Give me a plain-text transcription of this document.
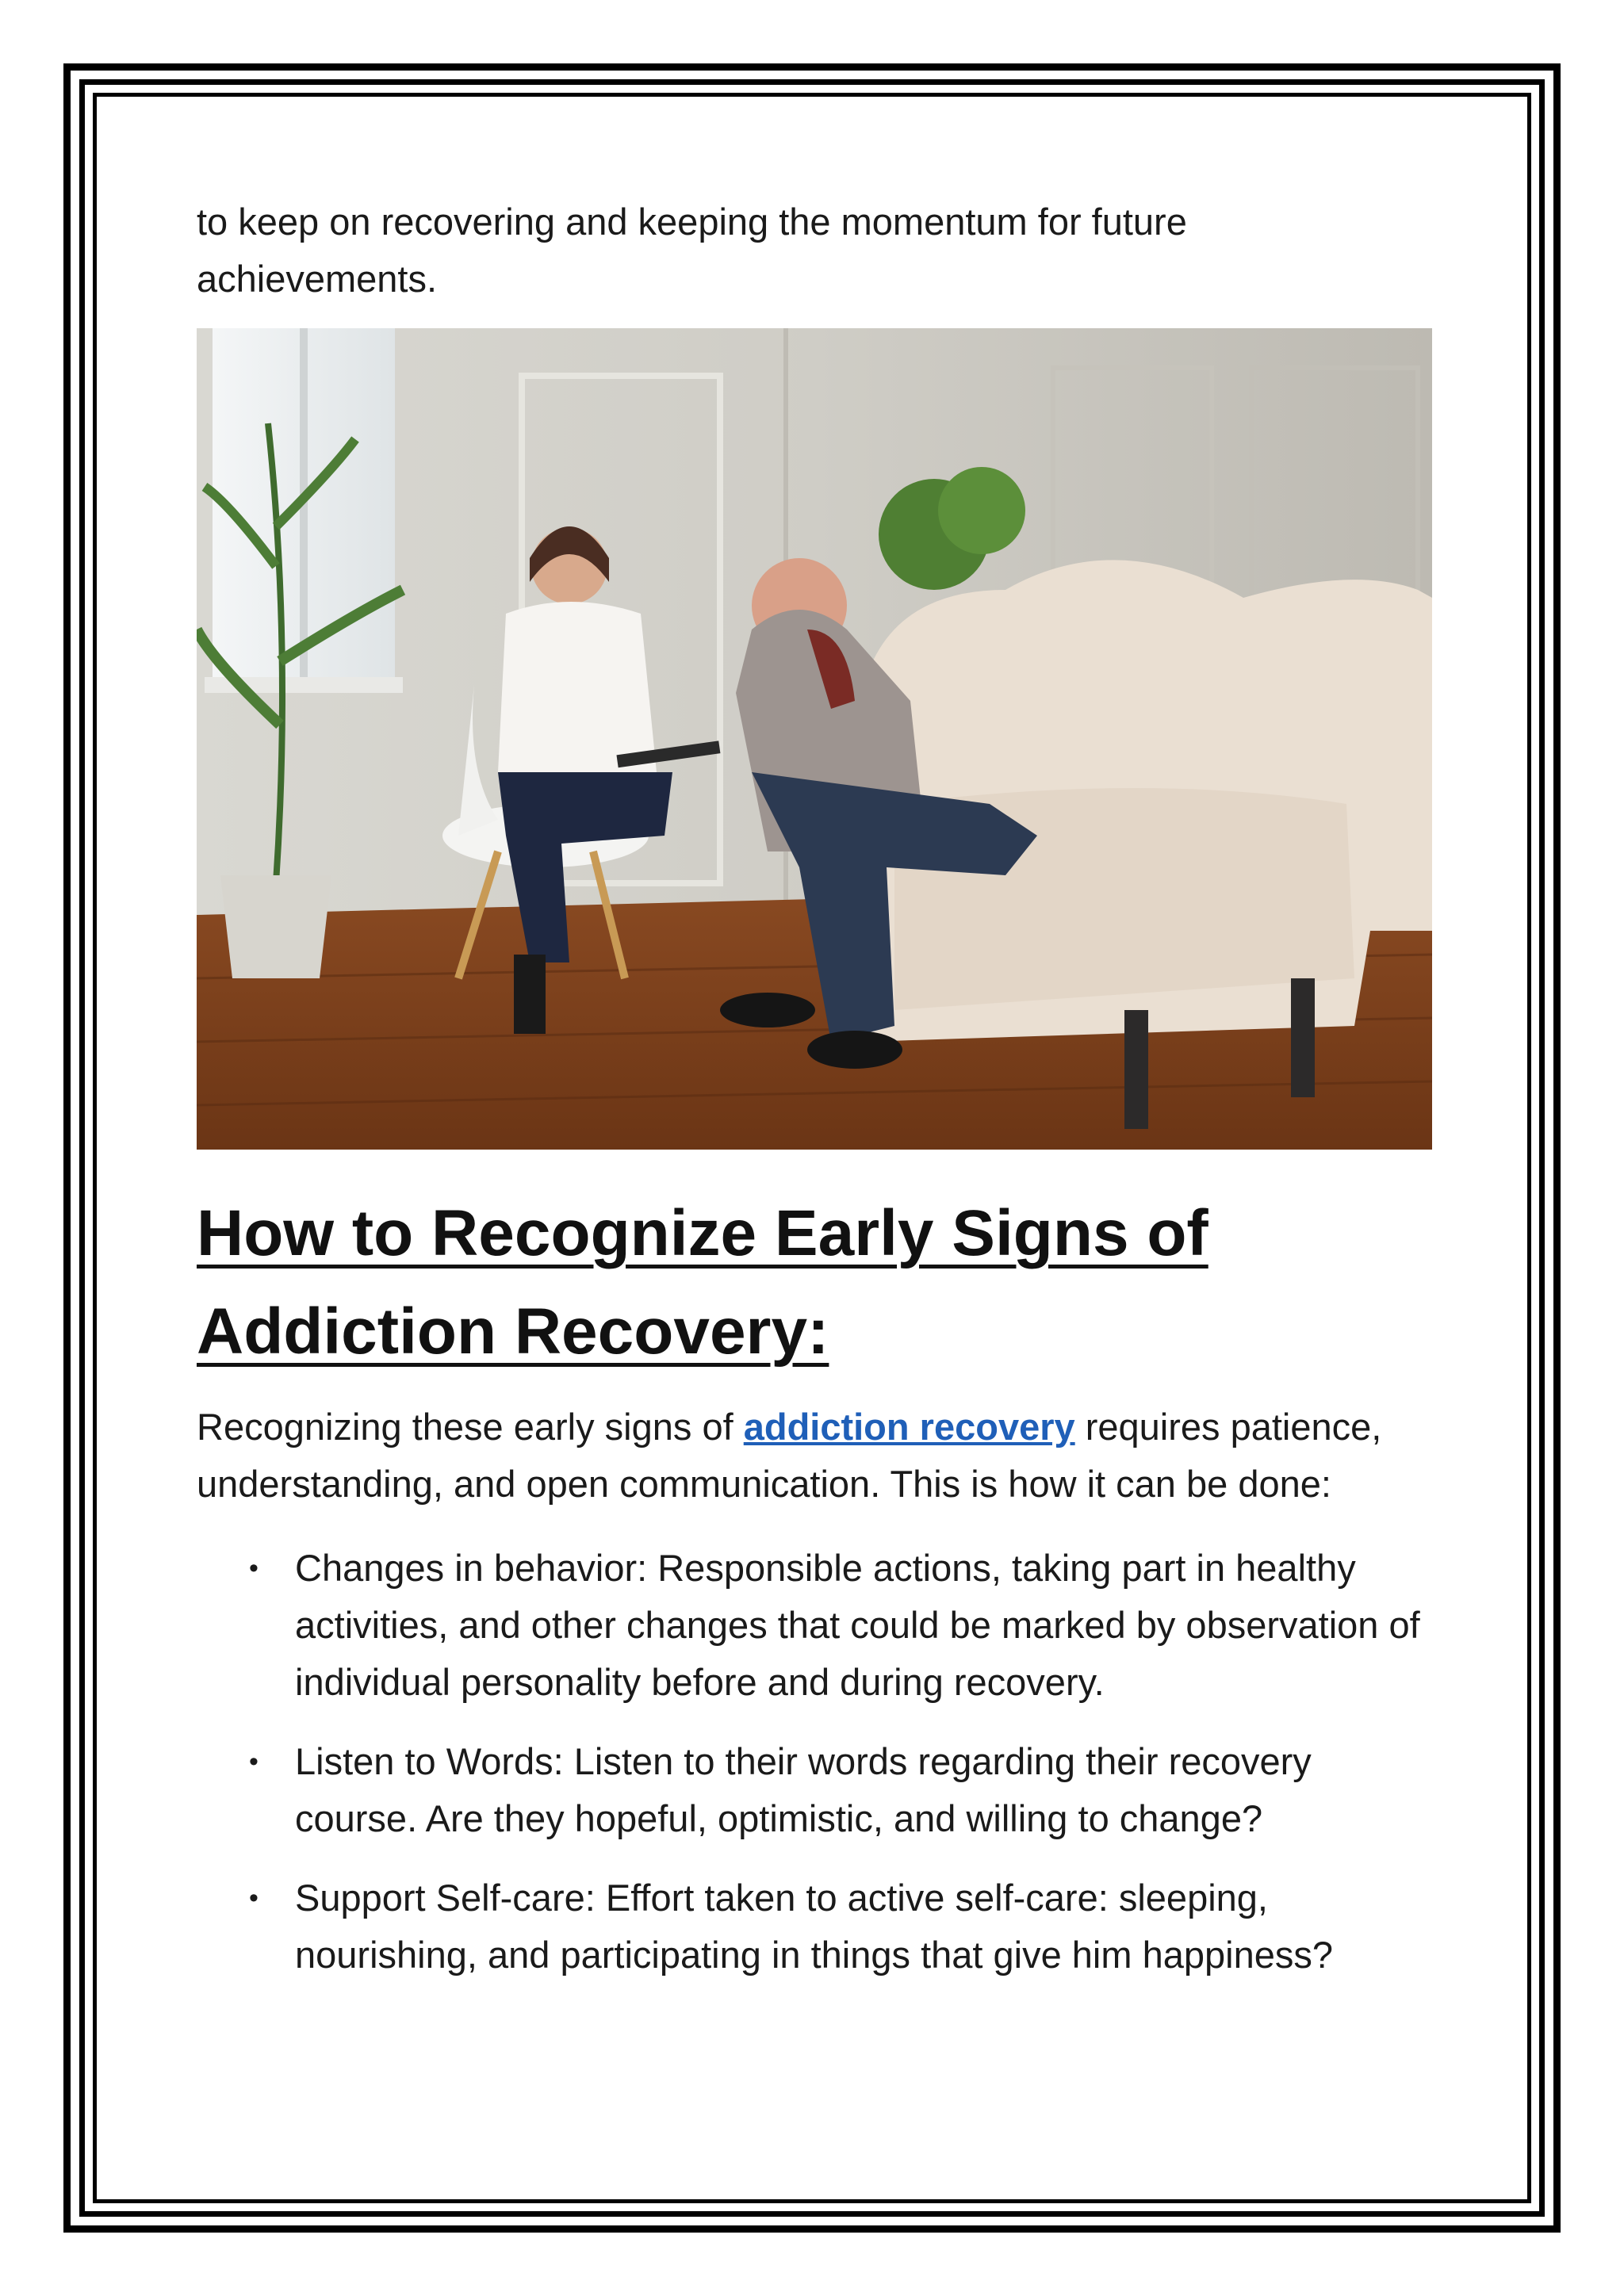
to keep on recovering and keeping the momentum for future achievements.

How to Recognize Early Signs of Addiction Recovery:

Recognizing these early signs of addiction recovery requires patience, understanding, and open communication. This is how it can be done:

• Changes in behavior: Responsible actions, taking part in healthy activities, and other changes that could be marked by observation of individual personality before and during recovery.
• Listen to Words: Listen to their words regarding their recovery course. Are they hopeful, optimistic, and willing to change?
• Support Self-care: Effort taken to active self-care: sleeping, nourishing, and participating in things that give him happiness?
